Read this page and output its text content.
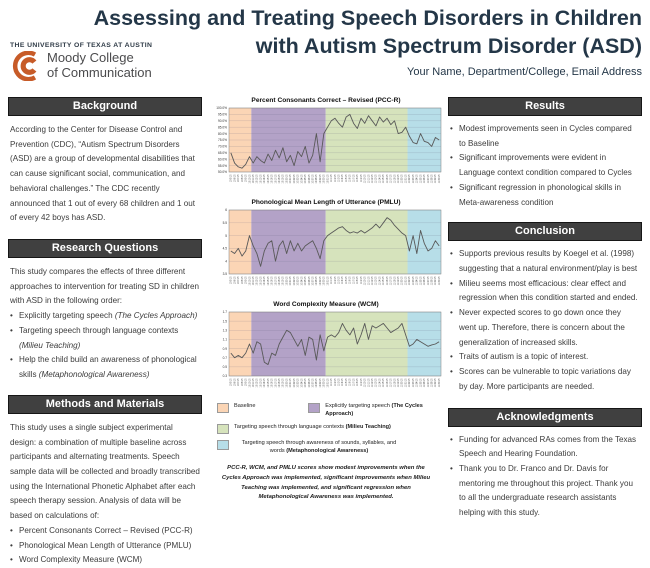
Assessing and Treating Speech Disorders in Children
with Autism Spectrum Disorder (ASD)
Your Name, Department/College, Email Address
THE UNIVERSITY OF TEXAS AT AUSTIN
Moody College
of Communication
Background
According to the Center for Disease Control and Prevention (CDC), “Autism Spectrum Disorders (ASD) are a group of developmental disabilities that can cause significant social, communication, and behavioral challenges.” The CDC recently announced that 1 out of every 68 children and 1 out of every 42 boys has ASD.
Research Questions
This study compares the effects of three different approaches to intervention for treating SD in children with ASD in the following order:
• Explicitly targeting speech (The Cycles Approach)
• Targeting speech through language contexts (Milieu Teaching)
• Help the child build an awareness of phonological skills (Metaphonological Awareness)
Methods and Materials
This study uses a single subject experimental design: a combination of multiple baseline across participants and alternating treatments. Speech sample data will be collected and broadly transcribed using the International Phonetic Alphabet after each speech therapy session. Analysis of data will be based on calculations of:
• Percent Consonants Correct – Revised (PCC-R)
• Phonological Mean Length of Utterance (PMLU)
• Word Complexity Measure (WCM)
Percent Consonants Correct – Revised (PCC-R)
100.0%
95.0%
90.0%
85.0%
80.0%
75.0%
70.0%
65.0%
60.0%
55.0%
50.0%
10/5/15 10/6/15 10/7/15 10/8/15 10/9/15 10/10/15 10/11/15 10/12/15 10/13/15 10/14/15 10/15/15 10/16/15 10/17/15 10/18/15 10/19/15 10/20/15 10/21/15 10/22/15 10/23/15 10/24/15 10/25/15 10/26/15 10/27/15 10/28/15 10/29/15 10/30/15 10/31/15 11/1/15 11/2/15 11/3/15 11/4/15 11/5/15 11/6/15 11/7/15 11/8/15 11/9/15 11/10/15 11/11/15 11/12/15 11/13/15 11/14/15 11/15/15 11/16/15 11/17/15 11/18/15 11/19/15 11/20/15 11/21/15 11/22/15 11/23/15 11/24/15 11/25/15 11/26/15 11/27/15 11/28/15 11/29/15 11/30/15
Phonological Mean Length of Utterance (PMLU)
6
5.5
5
4.5
4
3.5
10/5/15 10/6/15 10/7/15 10/8/15 10/9/15 10/10/15 10/11/15 10/12/15 10/13/15 10/14/15 10/15/15 10/16/15 10/17/15 10/18/15 10/19/15 10/20/15 10/21/15 10/22/15 10/23/15 10/24/15 10/25/15 10/26/15 10/27/15 10/28/15 10/29/15 10/30/15 10/31/15 11/1/15 11/2/15 11/3/15 11/4/15 11/5/15 11/6/15 11/7/15 11/8/15 11/9/15 11/10/15 11/11/15 11/12/15 11/13/15 11/14/15 11/15/15 11/16/15 11/17/15 11/18/15 11/19/15 11/20/15 11/21/15 11/22/15 11/23/15 11/24/15 11/25/15 11/26/15 11/27/15 11/28/15 11/29/15 11/30/15
Word Complexity Measure (WCM)
1.7
1.5
1.3
1.1
0.9
0.7
0.5
0.3
10/5/15 10/6/15 10/7/15 10/8/15 10/9/15 10/10/15 10/11/15 10/12/15 10/13/15 10/14/15 10/15/15 10/16/15 10/17/15 10/18/15 10/19/15 10/20/15 10/21/15 10/22/15 10/23/15 10/24/15 10/25/15 10/26/15 10/27/15 10/28/15 10/29/15 10/30/15 10/31/15 11/1/15 11/2/15 11/3/15 11/4/15 11/5/15 11/6/15 11/7/15 11/8/15 11/9/15 11/10/15 11/11/15 11/12/15 11/13/15 11/14/15 11/15/15 11/16/15 11/17/15 11/18/15 11/19/15 11/20/15 11/21/15 11/22/15 11/23/15 11/24/15 11/25/15 11/26/15 11/27/15 11/28/15 11/29/15 11/30/15
Baseline	Explicitly targeting speech (The Cycles Approach)
Targeting speech through language contexts (Milieu Teaching)
Targeting speech through awareness of sounds, syllables, and words (Metaphonological Awareness)
PCC-R, WCM, and PMLU scores show modest improvements when the Cycles Approach was implemented, significant improvements when Milieu Teaching was implemented, and significant regression when Metaphonological Awareness was implemented.
Results
• Modest improvements seen in Cycles compared to Baseline
• Significant improvements were evident in Language context condition compared to Cycles
• Significant regression in phonological skills in Meta-awareness condition
Conclusion
• Supports previous results by Koegel et al. (1998) suggesting that a natural environment/play is best
• Milieu seems most efficacious: clear effect and regression when this condition started and ended.
• Never expected scores to go down once they went up. Therefore, there is concern about the generalization of increased skills.
• Traits of autism is a topic of interest.
• Scores can be vulnerable to topic variations day by day. More participants are needed.
Acknowledgments
• Funding for advanced RAs comes from the Texas Speech and Hearing Foundation.
• Thank you to Dr. Franco and Dr. Davis for mentoring me throughout this project. Thank you to all the undergraduate research assistants helping with this study.
